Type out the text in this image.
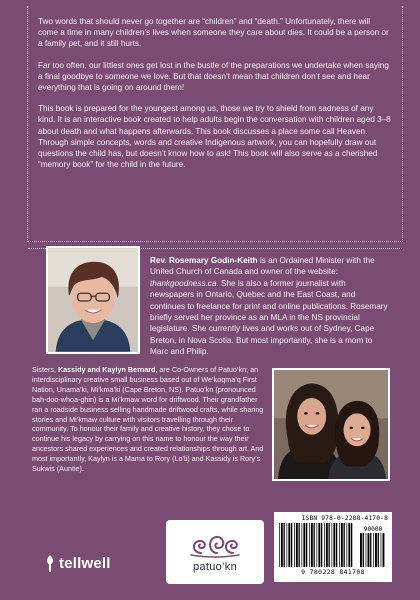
Two words that should never go together are “children” and “death.” Unfortunately, there will come a time in many children’s lives when someone they care about dies. It could be a person or a family pet, and it still hurts.

Far too often, our littlest ones get lost in the bustle of the preparations we undertake when saying a final goodbye to someone we love. But that doesn’t mean that children don’t see and hear everything that is going on around them!

This book is prepared for the youngest among us, those we try to shield from sadness of any kind. It is an interactive book created to help adults begin the conversation with children aged 3–8 about death and what happens afterwards. This book discusses a place some call Heaven. Through simple concepts, words and creative Indigenous artwork, you can hopefully draw out questions the child has, but doesn’t know how to ask! This book will also serve as a cherished “memory book” for the child in the future.

Rev. Rosemary Godin-Keith is an Ordained Minister with the United Church of Canada and owner of the website: thankgoodness.ca. She is also a former journalist with newspapers in Ontario, Quebec and the East Coast, and continues to freelance for print and online publications. Rosemary briefly served her province as an MLA in the NS provincial legislature. She currently lives and works out of Sydney, Cape Breton, in Nova Scotia. But most importantly, she is a mom to Marc and Philip.
Sisters, Kassidy and Kaylyn Bernard, are Co-Owners of Patuo’kn; an interdisciplinary creative small business based out of We’koqma’q First Nation, Unama’ki, Mi’kma’ki (Cape Breton, NS). Patuo’kn (pronounced bah-doo-whoa-ghin) is a Mi’kmaw word for driftwood. Their grandfather ran a roadside business selling handmade driftwood crafts, while sharing stories and Mi’kmaw culture with visitors travelling through their community. To honour their family and creative history, they chose to continue his legacy by carrying on this name to honour the way their ancestors shared experiences and created relationships through art. And most importantly, Kaylyn is a Mama to Rory (Lo’li) and Kassidy is Rory’s Sukwis (Auntie).
tellwell	patuo’kn
ISBN 978-0-2288-4170-8
90000
9 780228 841708
